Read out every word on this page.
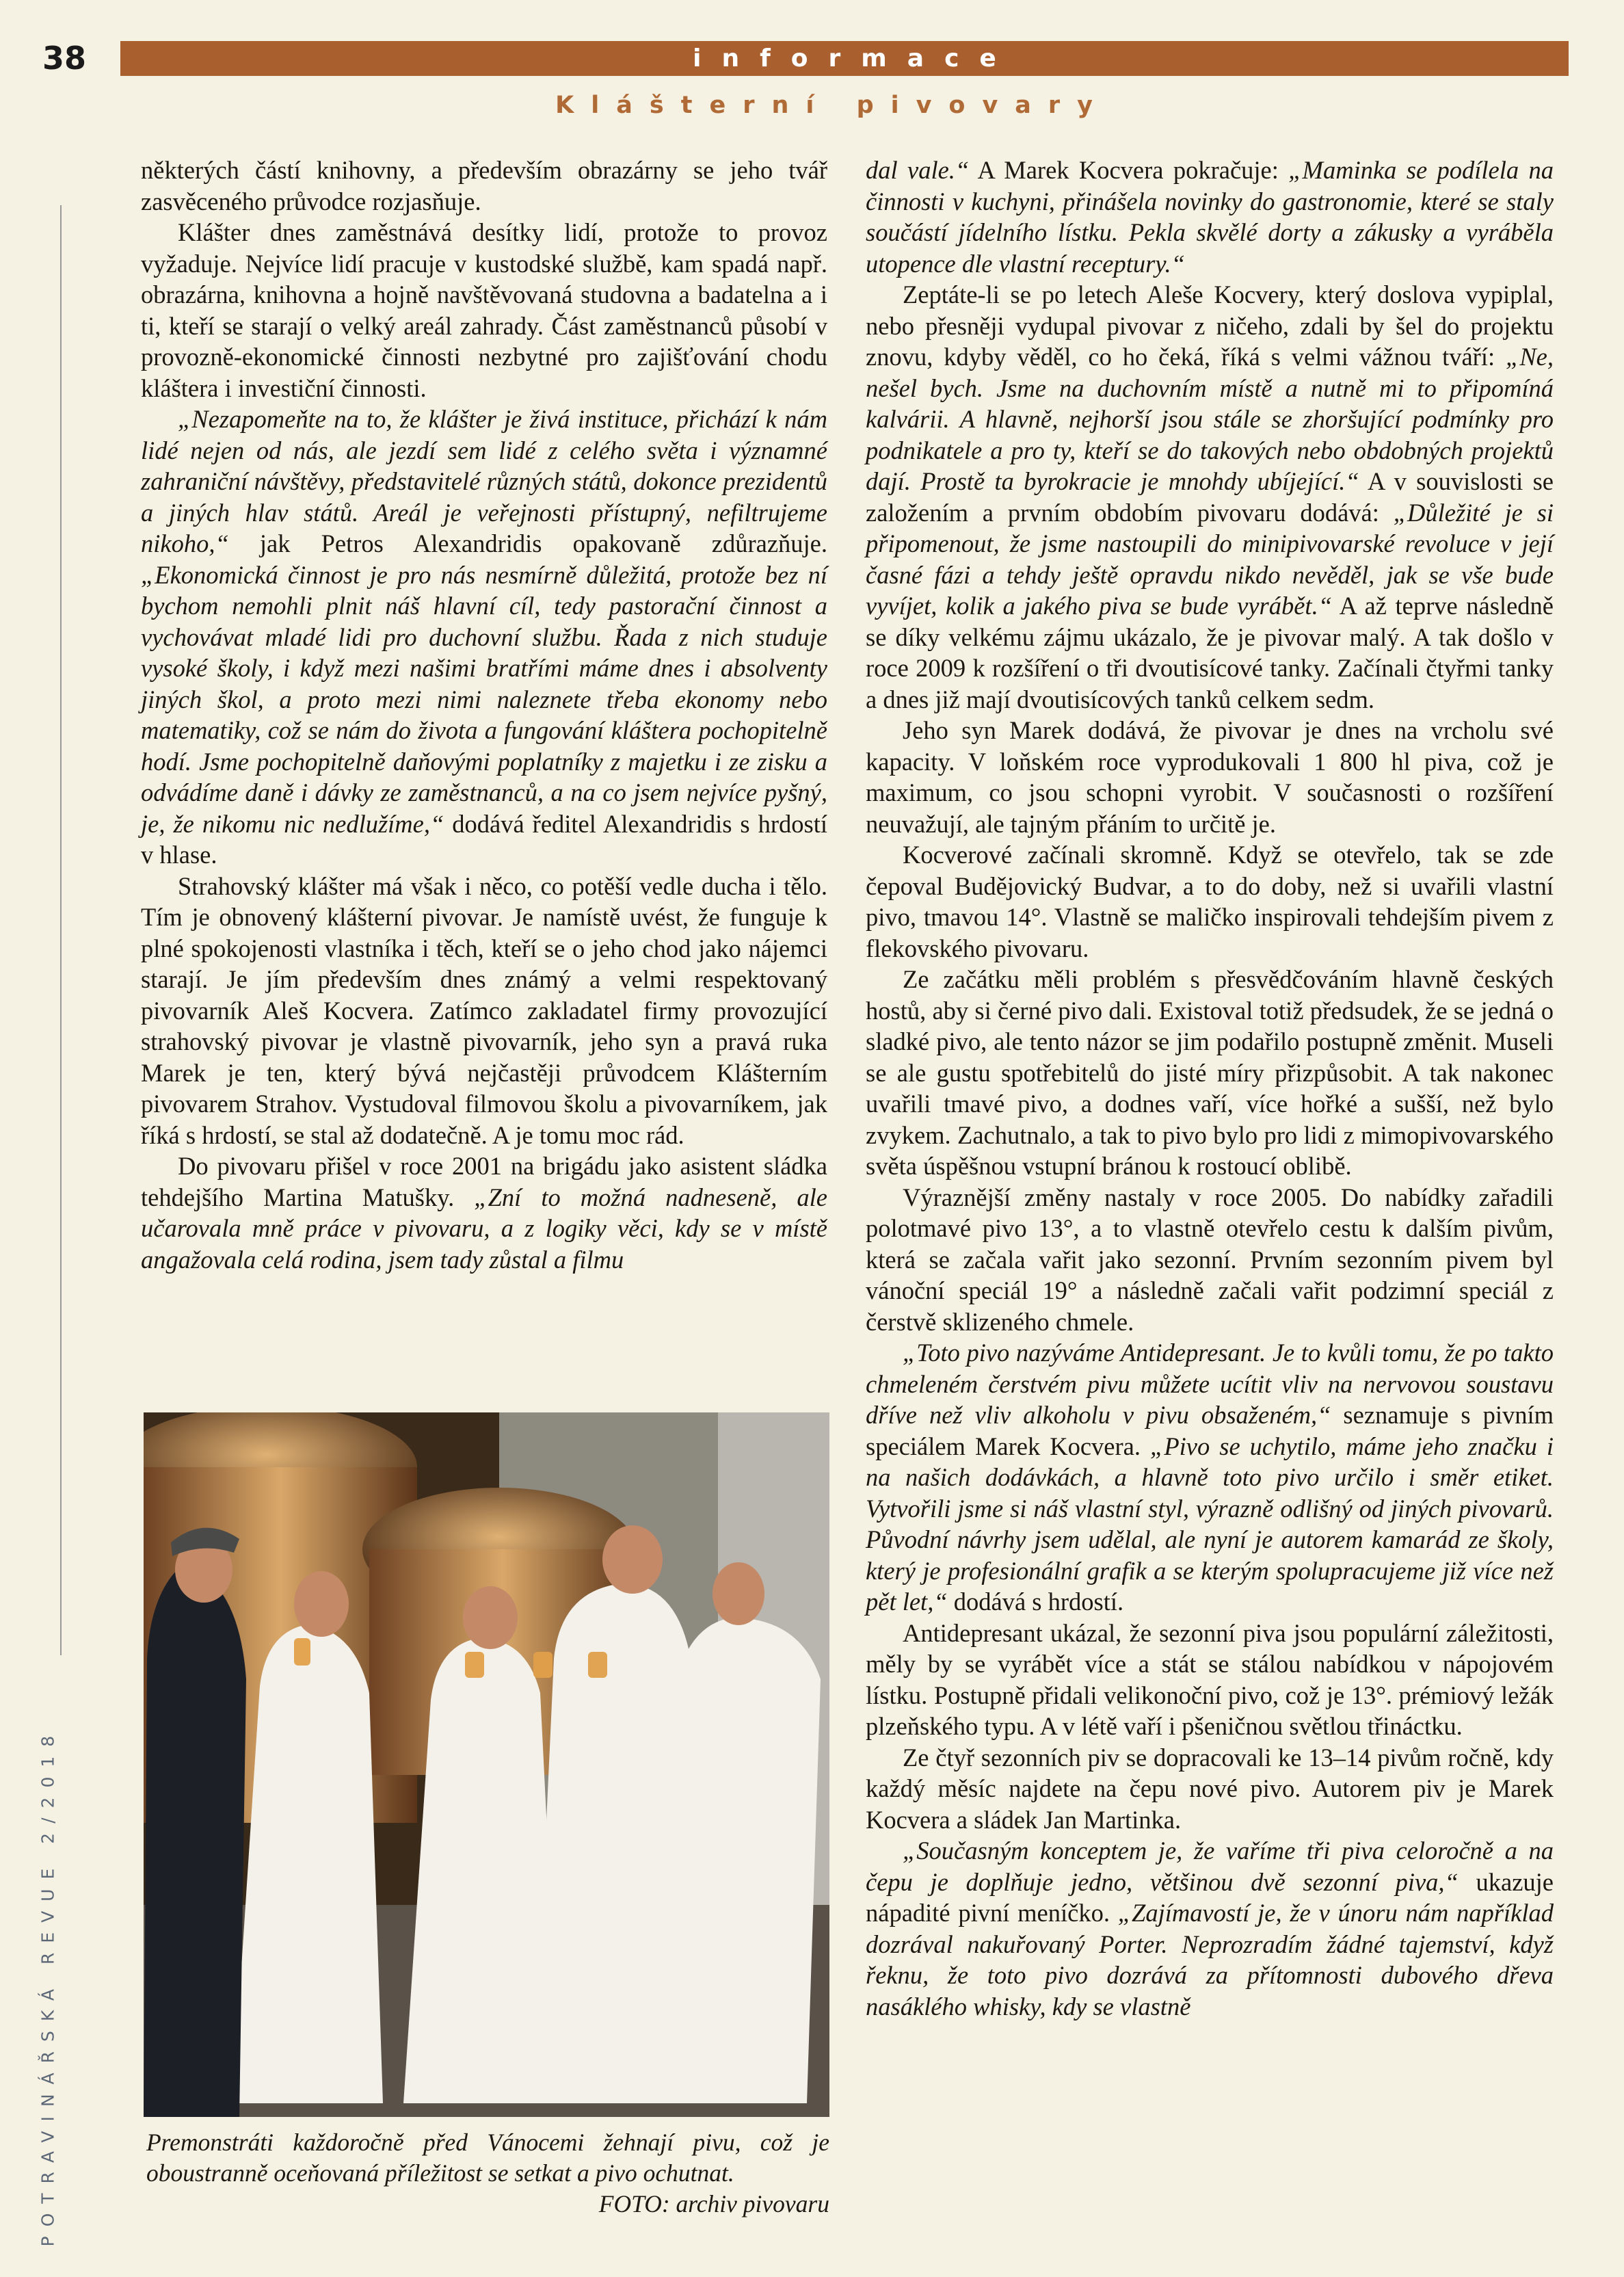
38	informace
Klášterní pivovary
POTRAVINÁŘSKÁ REVUE 2/2018

některých částí knihovny, a především obrazárny se jeho tvář zasvěceného průvodce rozjasňuje.

Klášter dnes zaměstnává desítky lidí, protože to provoz vyžaduje. Nejvíce lidí pracuje v kustodské službě, kam spadá např. obrazárna, knihovna a hojně navštěvovaná studovna a badatelna a i ti, kteří se starají o velký areál zahrady. Část zaměstnanců působí v provozně-ekonomické činnosti nezbytné pro zajišťování chodu kláštera i investiční činnosti.

„Nezapomeňte na to, že klášter je živá instituce, přichází k nám lidé nejen od nás, ale jezdí sem lidé z celého světa i významné zahraniční návštěvy, představitelé různých států, dokonce prezidentů a jiných hlav států. Areál je veřejnosti přístupný, nefiltrujeme nikoho,“ jak Petros Alexandridis opakovaně zdůrazňuje. „Ekonomická činnost je pro nás nesmírně důležitá, protože bez ní bychom nemohli plnit náš hlavní cíl, tedy pastorační činnost a vychovávat mladé lidi pro duchovní službu. Řada z nich studuje vysoké školy, i když mezi našimi bratřími máme dnes i absolventy jiných škol, a proto mezi nimi naleznete třeba ekonomy nebo matematiky, což se nám do života a fungování kláštera pochopitelně hodí. Jsme pochopitelně daňovými poplatníky z majetku i ze zisku a odvádíme daně i dávky ze zaměstnanců, a na co jsem nejvíce pyšný, je, že nikomu nic nedlužíme,“ dodává ředitel Alexandridis s hrdostí v hlase.

Strahovský klášter má však i něco, co potěší vedle ducha i tělo. Tím je obnovený klášterní pivovar. Je namístě uvést, že funguje k plné spokojenosti vlastníka i těch, kteří se o jeho chod jako nájemci starají. Je jím především dnes známý a velmi respektovaný pivovarník Aleš Kocvera. Zatímco zakladatel firmy provozující strahovský pivovar je vlastně pivovarník, jeho syn a pravá ruka Marek je ten, který bývá nejčastěji průvodcem Klášterním pivovarem Strahov. Vystudoval filmovou školu a pivovarníkem, jak říká s hrdostí, se stal až dodatečně. A je tomu moc rád.

Do pivovaru přišel v roce 2001 na brigádu jako asistent sládka tehdejšího Martina Matušky. „Zní to možná nadneseně, ale učarovala mně práce v pivovaru, a z logiky věci, kdy se v místě angažovala celá rodina, jsem tady zůstal a filmu

Premonstráti každoročně před Vánocemi žehnají pivu, což je oboustranně oceňovaná příležitost se setkat a pivo ochutnat.
FOTO: archiv pivovaru

dal vale.“ A Marek Kocvera pokračuje: „Maminka se podílela na činnosti v kuchyni, přinášela novinky do gastronomie, které se staly součástí jídelního lístku. Pekla skvělé dorty a zákusky a vyráběla utopence dle vlastní receptury.“

Zeptáte-li se po letech Aleše Kocvery, který doslova vypiplal, nebo přesněji vydupal pivovar z ničeho, zdali by šel do projektu znovu, kdyby věděl, co ho čeká, říká s velmi vážnou tváří: „Ne, nešel bych. Jsme na duchovním místě a nutně mi to připomíná kalvárii. A hlavně, nejhorší jsou stále se zhoršující podmínky pro podnikatele a pro ty, kteří se do takových nebo obdobných projektů dají. Prostě ta byrokracie je mnohdy ubíjející.“ A v souvislosti se založením a prvním obdobím pivovaru dodává: „Důležité je si připomenout, že jsme nastoupili do minipivovarské revoluce v její časné fázi a tehdy ještě opravdu nikdo nevěděl, jak se vše bude vyvíjet, kolik a jakého piva se bude vyrábět.“ A až teprve následně se díky velkému zájmu ukázalo, že je pivovar malý. A tak došlo v roce 2009 k rozšíření o tři dvoutisícové tanky. Začínali čtyřmi tanky a dnes již mají dvoutisícových tanků celkem sedm.

Jeho syn Marek dodává, že pivovar je dnes na vrcholu své kapacity. V loňském roce vyprodukovali 1 800 hl piva, což je maximum, co jsou schopni vyrobit. V současnosti o rozšíření neuvažují, ale tajným přáním to určitě je.

Kocverové začínali skromně. Když se otevřelo, tak se zde čepoval Budějovický Budvar, a to do doby, než si uvařili vlastní pivo, tmavou 14°. Vlastně se maličko inspirovali tehdejším pivem z flekovského pivovaru.

Ze začátku měli problém s přesvědčováním hlavně českých hostů, aby si černé pivo dali. Existoval totiž předsudek, že se jedná o sladké pivo, ale tento názor se jim podařilo postupně změnit. Museli se ale gustu spotřebitelů do jisté míry přizpůsobit. A tak nakonec uvařili tmavé pivo, a dodnes vaří, více hořké a sušší, než bylo zvykem. Zachutnalo, a tak to pivo bylo pro lidi z mimopivovarského světa úspěšnou vstupní bránou k rostoucí oblibě.

Výraznější změny nastaly v roce 2005. Do nabídky zařadili polotmavé pivo 13°, a to vlastně otevřelo cestu k dalším pivům, která se začala vařit jako sezonní. Prvním sezonním pivem byl vánoční speciál 19° a následně začali vařit podzimní speciál z čerstvě sklizeného chmele.

„Toto pivo nazýváme Antidepresant. Je to kvůli tomu, že po takto chmeleném čerstvém pivu můžete ucítit vliv na nervovou soustavu dříve než vliv alkoholu v pivu obsaženém,“ seznamuje s pivním speciálem Marek Kocvera. „Pivo se uchytilo, máme jeho značku i na našich dodávkách, a hlavně toto pivo určilo i směr etiket. Vytvořili jsme si náš vlastní styl, výrazně odlišný od jiných pivovarů. Původní návrhy jsem udělal, ale nyní je autorem kamarád ze školy, který je profesionální grafik a se kterým spolupracujeme již více než pět let,“ dodává s hrdostí.

Antidepresant ukázal, že sezonní piva jsou populární záležitosti, měly by se vyrábět více a stát se stálou nabídkou v nápojovém lístku. Postupně přidali velikonoční pivo, což je 13°. prémiový ležák plzeňského typu. A v létě vaří i pšeničnou světlou třináctku.

Ze čtyř sezonních piv se dopracovali ke 13–14 pivům ročně, kdy každý měsíc najdete na čepu nové pivo. Autorem piv je Marek Kocvera a sládek Jan Martinka.

„Současným konceptem je, že vaříme tři piva celoročně a na čepu je doplňuje jedno, většinou dvě sezonní piva,“ ukazuje nápadité pivní meníčko. „Zajímavostí je, že v únoru nám například dozrával nakuřovaný Porter. Neprozradím žádné tajemství, když řeknu, že toto pivo dozrává za přítomnosti dubového dřeva nasáklého whisky, kdy se vlastně
